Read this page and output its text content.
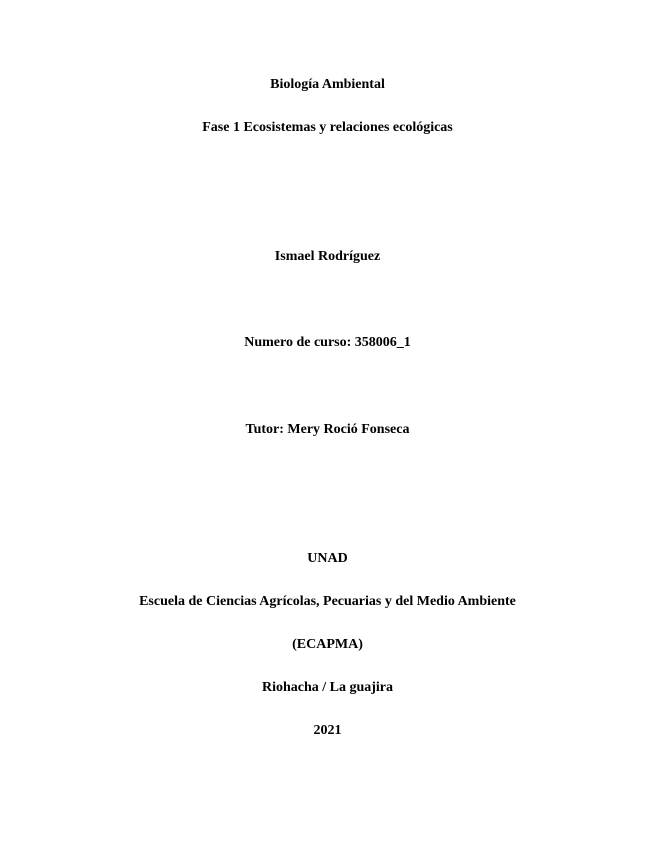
Biología Ambiental
Fase 1 Ecosistemas y relaciones ecológicas
Ismael Rodríguez
Numero de curso: 358006_1
Tutor: Mery Roció Fonseca
UNAD
Escuela de Ciencias Agrícolas, Pecuarias y del Medio Ambiente
(ECAPMA)
Riohacha / La guajira
2021
